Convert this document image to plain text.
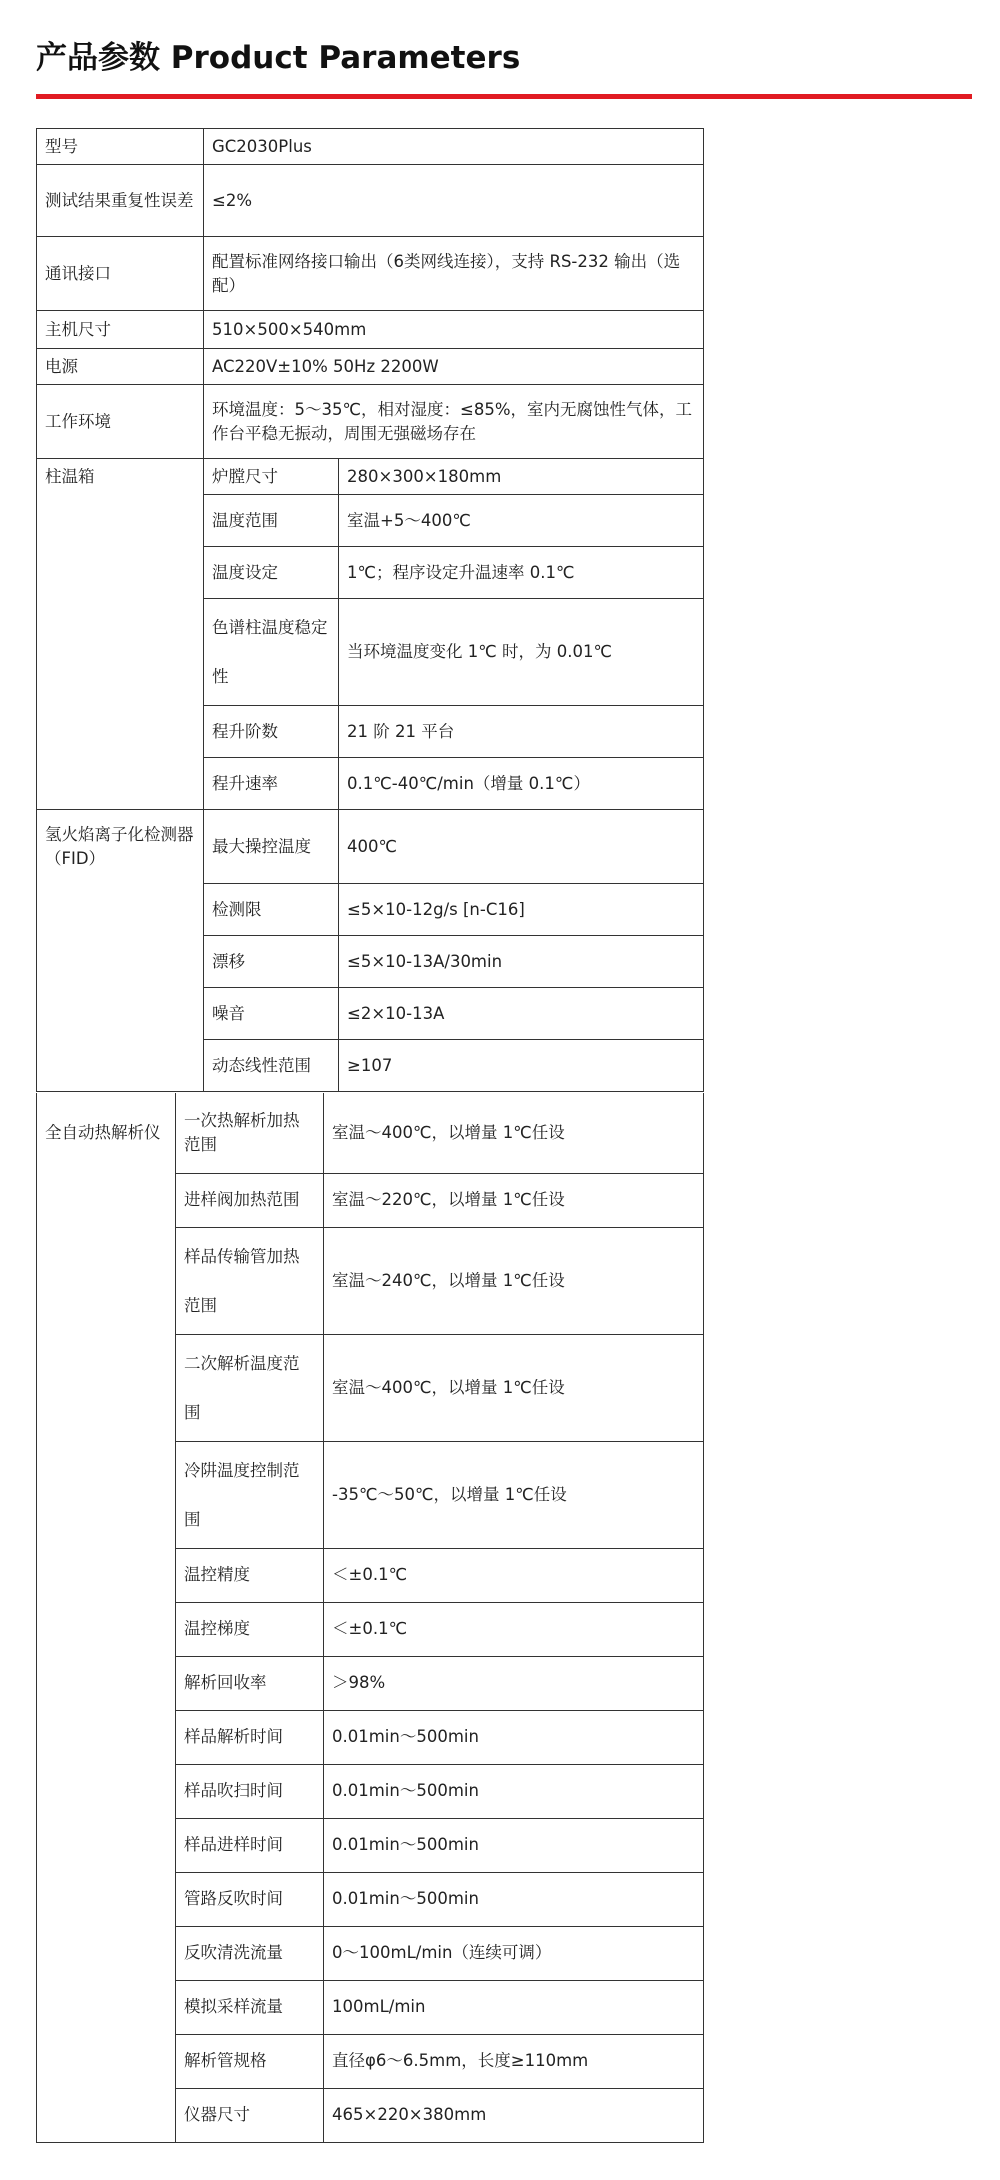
产品参数 Product Parameters
型号	GC2030Plus	
测试结果重复性误差	≤2%	
通讯接口	配置标准网络接口输出（6类网线连接），支持 RS-232 输出（选配）	
主机尺寸	510×500×540mm	
电源	AC220V±10% 50Hz 2200W	
工作环境	环境温度：5～35℃，相对湿度：≤85%，室内无腐蚀性气体，工作台平稳无振动，周围无强磁场存在	
柱温箱	炉膛尺寸	280×300×180mm
	温度范围	室温+5～400℃
	温度设定	1℃；程序设定升温速率 0.1℃
	色谱柱温度稳定性	当环境温度变化 1℃ 时，为 0.01℃
	程升阶数	21 阶 21 平台
	程升速率	0.1℃-40℃/min（增量 0.1℃）
氢火焰离子化检测器（FID）	最大操控温度	400℃
	检测限	≤5×10-12g/s [n-C16]
	漂移	≤5×10-13A/30min
	噪音	≤2×10-13A
	动态线性范围	≥107
全自动热解析仪	一次热解析加热范围	室温～400℃，以增量 1℃任设
	进样阀加热范围	室温～220℃，以增量 1℃任设
	样品传输管加热范围	室温～240℃，以增量 1℃任设
	二次解析温度范围	室温～400℃，以增量 1℃任设
	冷阱温度控制范围	-35℃～50℃，以增量 1℃任设
	温控精度	＜±0.1℃
	温控梯度	＜±0.1℃
	解析回收率	＞98%
	样品解析时间	0.01min～500min
	样品吹扫时间	0.01min～500min
	样品进样时间	0.01min～500min
	管路反吹时间	0.01min～500min
	反吹清洗流量	0～100mL/min（连续可调）
	模拟采样流量	100mL/min
	解析管规格	直径φ6～6.5mm，长度≥110mm
	仪器尺寸	465×220×380mm
